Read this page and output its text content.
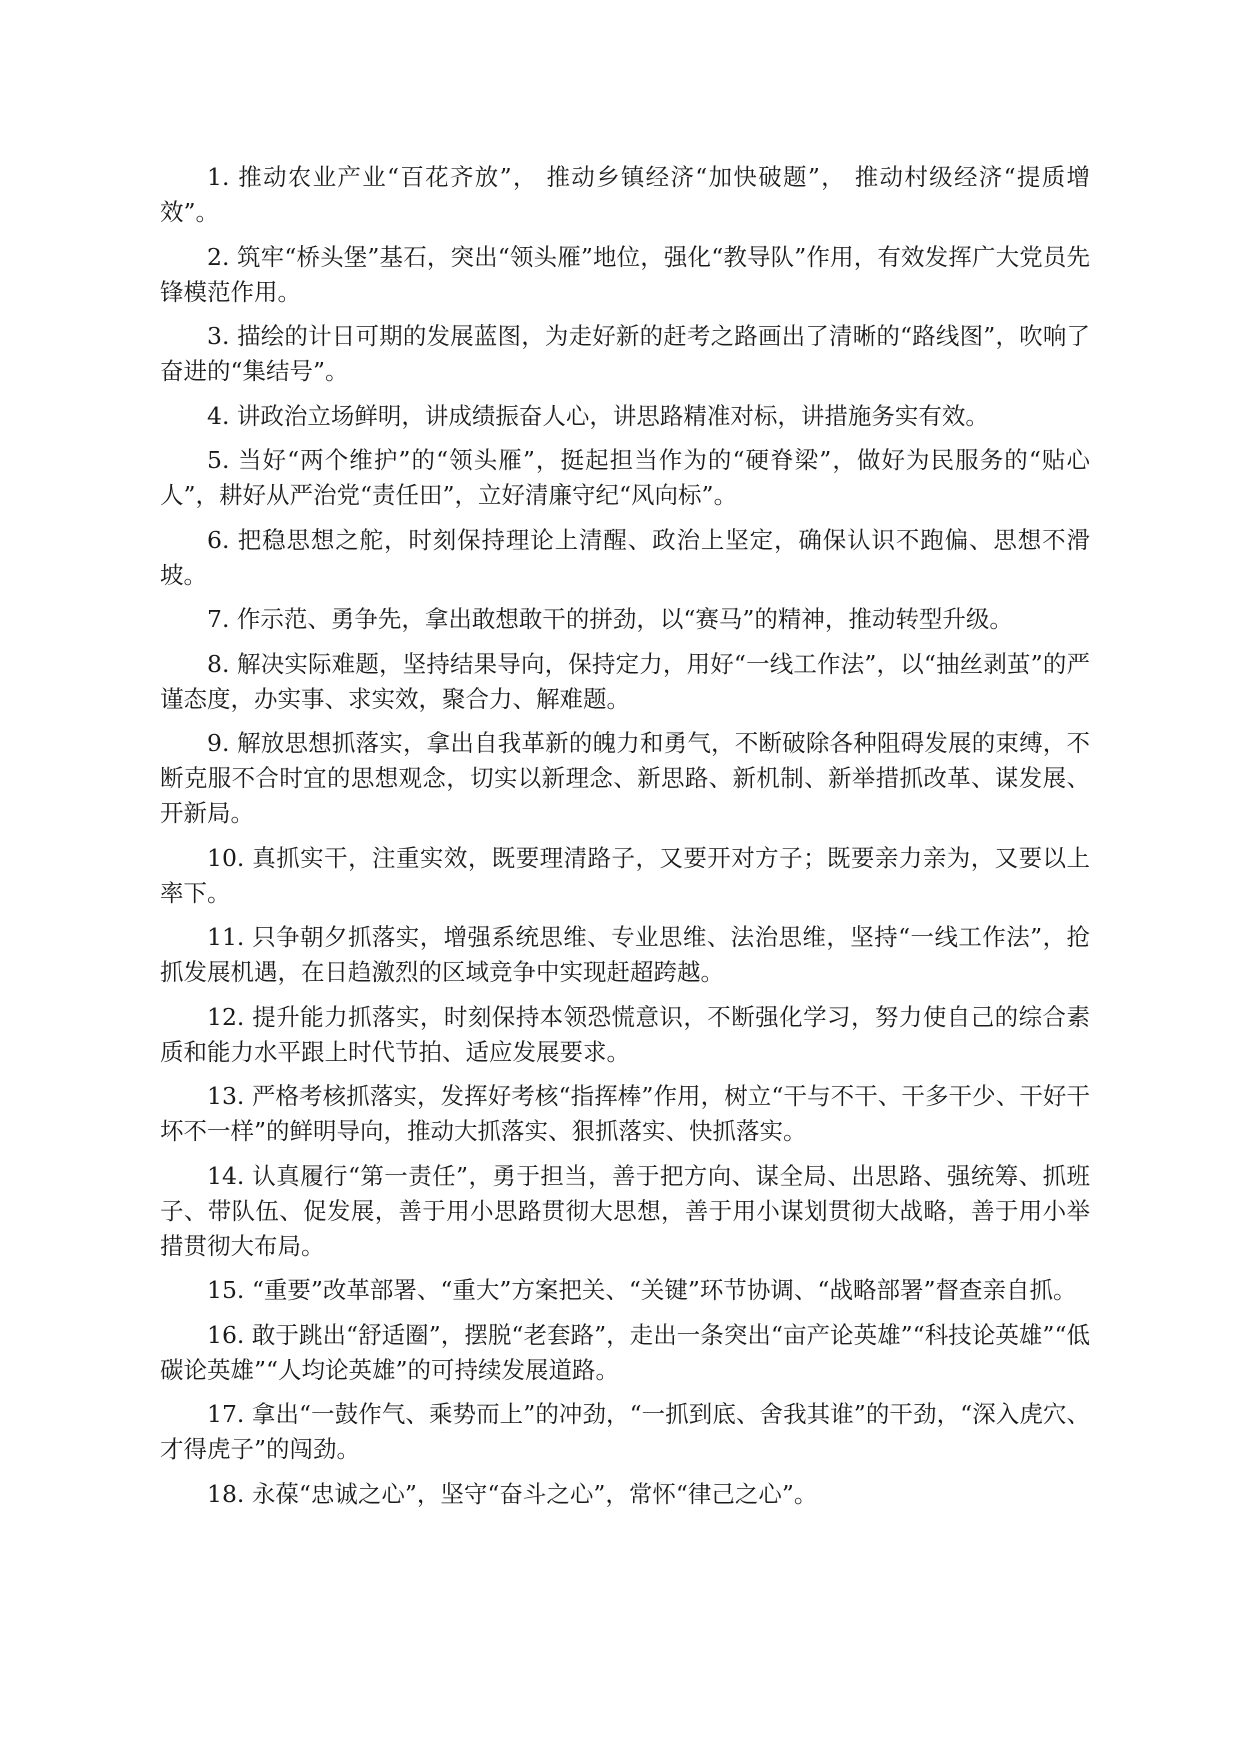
1. 推动农业产业“百花齐放”， 推动乡镇经济“加快破题”， 推动村级经济“提质增效”。

2. 筑牢“桥头堡”基石，突出“领头雁”地位，强化“教导队”作用，有效发挥广大党员先锋模范作用。

3. 描绘的计日可期的发展蓝图，为走好新的赶考之路画出了清晰的“路线图”，吹响了奋进的“集结号”。

4. 讲政治立场鲜明，讲成绩振奋人心，讲思路精准对标，讲措施务实有效。

5. 当好“两个维护”的“领头雁”，挺起担当作为的“硬脊梁”，做好为民服务的“贴心人”，耕好从严治党“责任田”，立好清廉守纪“风向标”。

6. 把稳思想之舵，时刻保持理论上清醒、政治上坚定，确保认识不跑偏、思想不滑坡。

7. 作示范、勇争先，拿出敢想敢干的拼劲，以“赛马”的精神，推动转型升级。

8. 解决实际难题，坚持结果导向，保持定力，用好“一线工作法”，以“抽丝剥茧”的严谨态度，办实事、求实效，聚合力、解难题。

9. 解放思想抓落实，拿出自我革新的魄力和勇气，不断破除各种阻碍发展的束缚，不断克服不合时宜的思想观念，切实以新理念、新思路、新机制、新举措抓改革、谋发展、开新局。

10. 真抓实干，注重实效，既要理清路子，又要开对方子；既要亲力亲为，又要以上率下。

11. 只争朝夕抓落实，增强系统思维、专业思维、法治思维，坚持“一线工作法”，抢抓发展机遇，在日趋激烈的区域竞争中实现赶超跨越。

12. 提升能力抓落实，时刻保持本领恐慌意识，不断强化学习，努力使自己的综合素质和能力水平跟上时代节拍、适应发展要求。

13. 严格考核抓落实，发挥好考核“指挥棒”作用，树立“干与不干、干多干少、干好干坏不一样”的鲜明导向，推动大抓落实、狠抓落实、快抓落实。

14. 认真履行“第一责任”，勇于担当，善于把方向、谋全局、出思路、强统筹、抓班子、带队伍、促发展，善于用小思路贯彻大思想，善于用小谋划贯彻大战略，善于用小举措贯彻大布局。

15. “重要”改革部署、“重大”方案把关、“关键”环节协调、“战略部署”督查亲自抓。

16. 敢于跳出“舒适圈”，摆脱“老套路”，走出一条突出“亩产论英雄”“科技论英雄”“低碳论英雄”“人均论英雄”的可持续发展道路。

17. 拿出“一鼓作气、乘势而上”的冲劲，“一抓到底、舍我其谁”的干劲，“深入虎穴、才得虎子”的闯劲。

18. 永葆“忠诚之心”，坚守“奋斗之心”，常怀“律己之心”。
